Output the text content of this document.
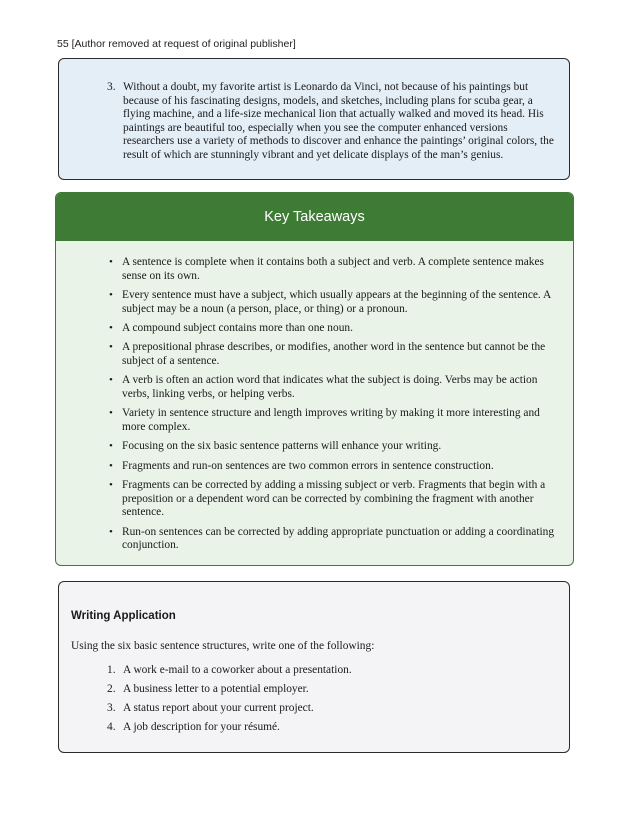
55 [Author removed at request of original publisher]
3. Without a doubt, my favorite artist is Leonardo da Vinci, not because of his paintings but because of his fascinating designs, models, and sketches, including plans for scuba gear, a flying machine, and a life-size mechanical lion that actually walked and moved its head. His paintings are beautiful too, especially when you see the computer enhanced versions researchers use a variety of methods to discover and enhance the paintings’ original colors, the result of which are stunningly vibrant and yet delicate displays of the man’s genius.
Key Takeaways
• A sentence is complete when it contains both a subject and verb. A complete sentence makes sense on its own.
• Every sentence must have a subject, which usually appears at the beginning of the sentence. A subject may be a noun (a person, place, or thing) or a pronoun.
• A compound subject contains more than one noun.
• A prepositional phrase describes, or modifies, another word in the sentence but cannot be the subject of a sentence.
• A verb is often an action word that indicates what the subject is doing. Verbs may be action verbs, linking verbs, or helping verbs.
• Variety in sentence structure and length improves writing by making it more interesting and more complex.
• Focusing on the six basic sentence patterns will enhance your writing.
• Fragments and run-on sentences are two common errors in sentence construction.
• Fragments can be corrected by adding a missing subject or verb. Fragments that begin with a preposition or a dependent word can be corrected by combining the fragment with another sentence.
• Run-on sentences can be corrected by adding appropriate punctuation or adding a coordinating conjunction.
Writing Application
Using the six basic sentence structures, write one of the following:
1. A work e-mail to a coworker about a presentation.
2. A business letter to a potential employer.
3. A status report about your current project.
4. A job description for your résumé.
